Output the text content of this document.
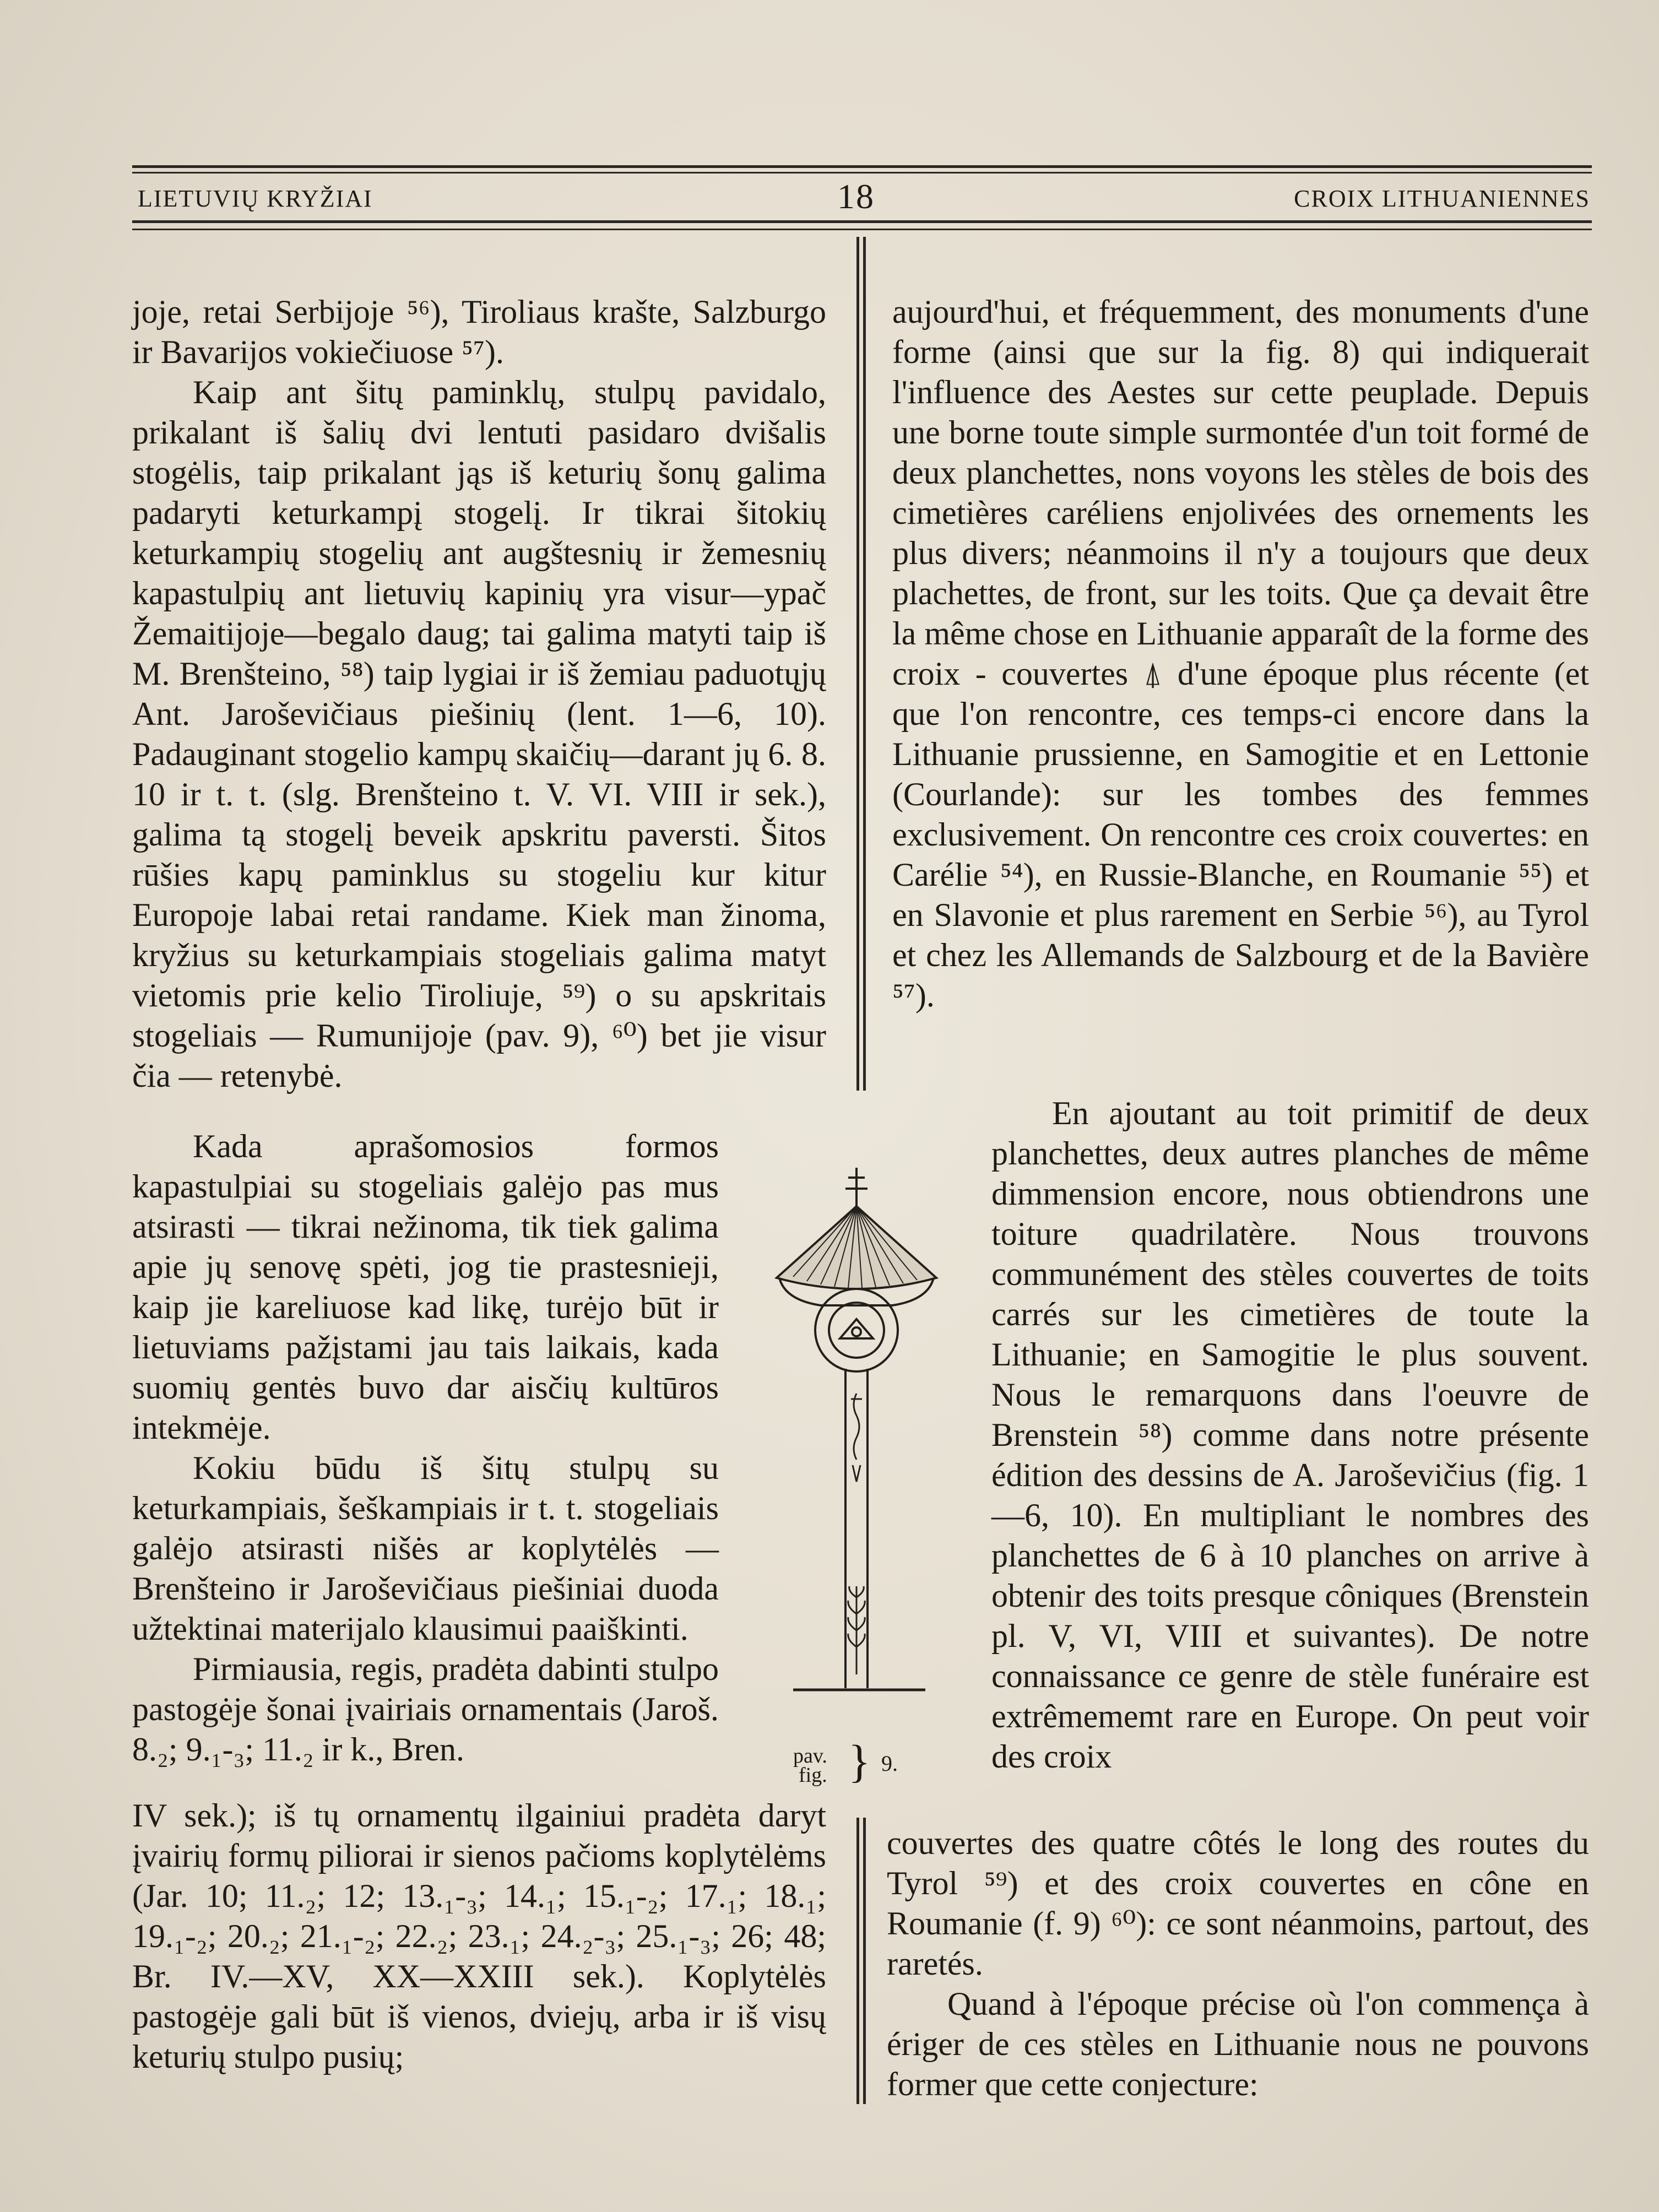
LIETUVIŲ KRYŽIAI	18	CROIX LITHUANIENNES

joje, retai Serbijoje ⁵⁶), Tiroliaus krašte, Salzburgo ir Bavarijos vokiečiuose ⁵⁷).

Kaip ant šitų paminklų, stulpų pavidalo, prikalant iš šalių dvi lentuti pasidaro dvišalis stogėlis, taip prikalant jąs iš keturių šonų galima padaryti keturkampį stogelį. Ir tikrai šitokių keturkampių stogelių ant augštesnių ir žemesnių kapastulpių ant lietuvių kapinių yra visur—ypač Žemaitijoje—begalo daug; tai galima matyti taip iš M. Brenšteino, ⁵⁸) taip lygiai ir iš žemiau paduotųjų Ant. Jaroševičiaus piešinių (lent. 1—6, 10). Padauginant stogelio kampų skaičių—darant jų 6. 8. 10 ir t. t. (slg. Brenšteino t. V. VI. VIII ir sek.), galima tą stogelį beveik apskritu paversti. Šitos rūšies kapų paminklus su stogeliu kur kitur Europoje labai retai randame. Kiek man žinoma, kryžius su keturkampiais stogeliais galima matyt vietomis prie kelio Tiroliuje, ⁵⁹) o su apskritais stogeliais — Rumunijoje (pav. 9), ⁶⁰) bet jie visur čia — retenybė.

Kada aprašomosios formos kapastulpiai su stogeliais galėjo pas mus atsirasti — tikrai nežinoma, tik tiek galima apie jų senovę spėti, jog tie prastesnieji, kaip jie kareliuose kad likę, turėjo būt ir lietuviams pažįstami jau tais laikais, kada suomių gentės buvo dar aisčių kultūros intekmėje.

Kokiu būdu iš šitų stulpų su keturkampiais, šeškampiais ir t. t. stogeliais galėjo atsirasti nišės ar koplytėlės — Brenšteino ir Jaroševičiaus piešiniai duoda užtektinai materijalo klausimui paaiškinti.

Pirmiausia, regis, pradėta dabinti stulpo pastogėje šonai įvairiais ornamentais (Jaroš. 8.₂; 9.₁-₃; 11.₂ ir k., Bren.

IV sek.); iš tų ornamentų ilgainiui pradėta daryt įvairių formų piliorai ir sienos pačioms koplytėlėms (Jar. 10; 11.₂; 12; 13.₁-₃; 14.₁; 15.₁-₂; 17.₁; 18.₁; 19.₁-₂; 20.₂; 21.₁-₂; 22.₂; 23.₁; 24.₂-₃; 25.₁-₃; 26; 48; Br. IV.—XV, XX—XXIII sek.). Koplytėlės pastogėje gali būt iš vienos, dviejų, arba ir iš visų keturių stulpo pusių;

aujourd'hui, et fréquemment, des monuments d'une forme (ainsi que sur la fig. 8) qui indiquerait l'influence des Aestes sur cette peuplade. Depuis une borne toute simple surmontée d'un toit formé de deux planchettes, nons voyons les stèles de bois des cimetières caréliens enjolivées des ornements les plus divers; néanmoins il n'y a toujours que deux plachettes, de front, sur les toits. Que ça devait être la même chose en Lithuanie apparaît de la forme des croix - couvertes ⍋ d'une époque plus récente (et que l'on rencontre, ces temps-ci encore dans la Lithuanie prussienne, en Samogitie et en Lettonie (Courlande): sur les tombes des femmes exclusivement. On rencontre ces croix couvertes: en Carélie ⁵⁴), en Russie-Blanche, en Roumanie ⁵⁵) et en Slavonie et plus rarement en Serbie ⁵⁶), au Tyrol et chez les Allemands de Salzbourg et de la Bavière ⁵⁷).

En ajoutant au toit primitif de deux planchettes, deux autres planches de même dimmension encore, nous obtiendrons une toiture quadrilatère. Nous trouvons communément des stèles couvertes de toits carrés sur les cimetières de toute la Lithuanie; en Samogitie le plus souvent. Nous le remarquons dans l'oeuvre de Brenstein ⁵⁸) comme dans notre présente édition des dessins de A. Jaroševičius (fig. 1—6, 10). En multipliant le nombres des planchettes de 6 à 10 planches on arrive à obtenir des toits presque côniques (Brenstein pl. V, VI, VIII et suivantes). De notre connaissance ce genre de stèle funéraire est extrêmememt rare en Europe. On peut voir des croix

couvertes des quatre côtés le long des routes du Tyrol ⁵⁹) et des croix couvertes en cône en Roumanie (f. 9) ⁶⁰): ce sont néanmoins, partout, des raretés.

Quand à l'époque précise où l'on commença à ériger de ces stèles en Lithuanie nous ne pouvons former que cette conjecture:

pav.
fig. } 9.
